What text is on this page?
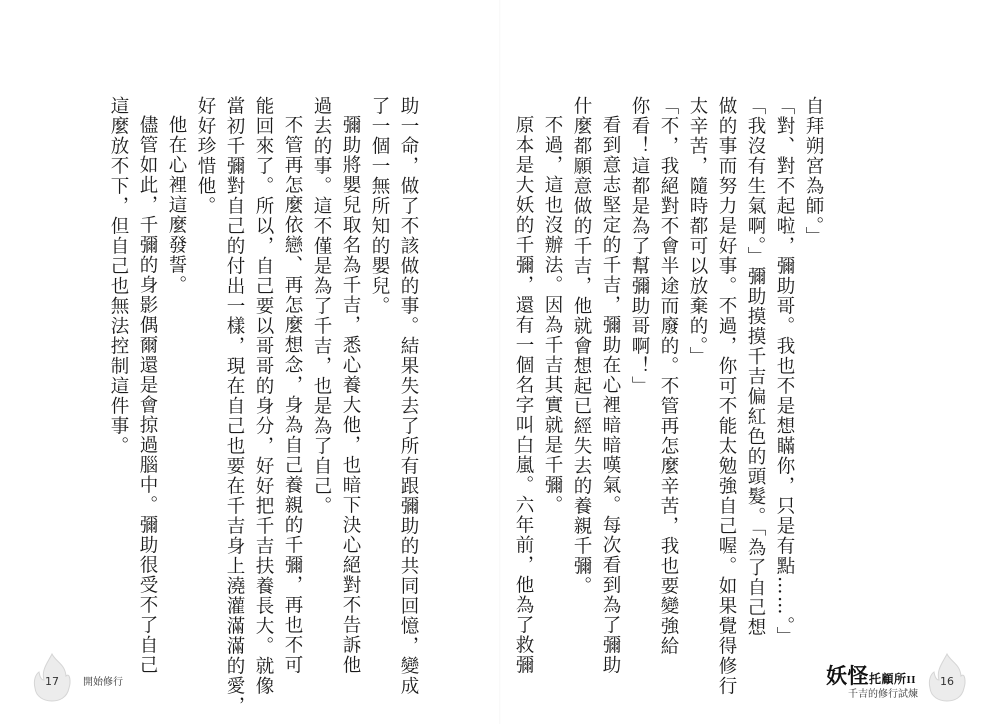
自拜朔宮為師。」
「對、對不起啦，彌助哥。我也不是想瞞你，只是有點……。」
「我沒有生氣啊。」彌助摸摸千吉偏紅色的頭髮。「為了自己想
做的事而努力是好事。不過，你可不能太勉強自己喔。如果覺得修行
太辛苦，隨時都可以放棄的。」
「不，我絕對不會半途而廢的。不管再怎麼辛苦，我也要變強給
你看！這都是為了幫彌助哥啊！」
看到意志堅定的千吉，彌助在心裡暗暗嘆氣。每次看到為了彌助
什麼都願意做的千吉，他就會想起已經失去的養親千彌。
不過，這也沒辦法。因為千吉其實就是千彌。
原本是大妖的千彌，還有一個名字叫白嵐。六年前，他為了救彌
助一命，做了不該做的事。結果失去了所有跟彌助的共同回憶，變成
了一個一無所知的嬰兒。
彌助將嬰兒取名為千吉，悉心養大他，也暗下決心絕對不告訴他
過去的事。這不僅是為了千吉，也是為了自己。
不管再怎麼依戀、再怎麼想念，身為自己養親的千彌，再也不可
能回來了。所以，自己要以哥哥的身分，好好把千吉扶養長大。就像
當初千彌對自己的付出一樣，現在自己也要在千吉身上澆灌滿滿的愛，
好好珍惜他。
他在心裡這麼發誓。
儘管如此，千彌的身影偶爾還是會掠過腦中。彌助很受不了自己
這麼放不下，但自己也無法控制這件事。
17	開始修行	妖怪托顧所II
千吉的修行試煉
16
